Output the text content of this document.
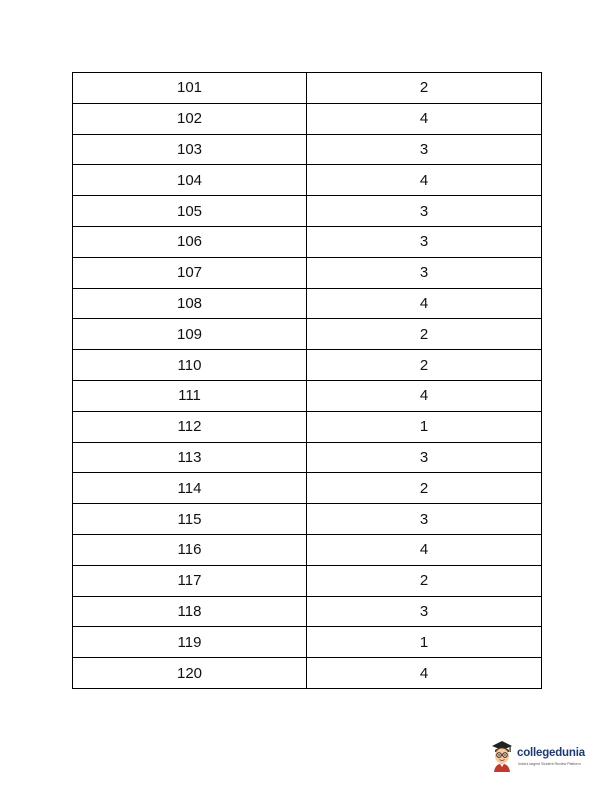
101	2
102	4
103	3
104	4
105	3
106	3
107	3
108	4
109	2
110	2
111	4
112	1
113	3
114	2
115	3
116	4
117	2
118	3
119	1
120	4
collegedunia
India's largest Student Review Platform
